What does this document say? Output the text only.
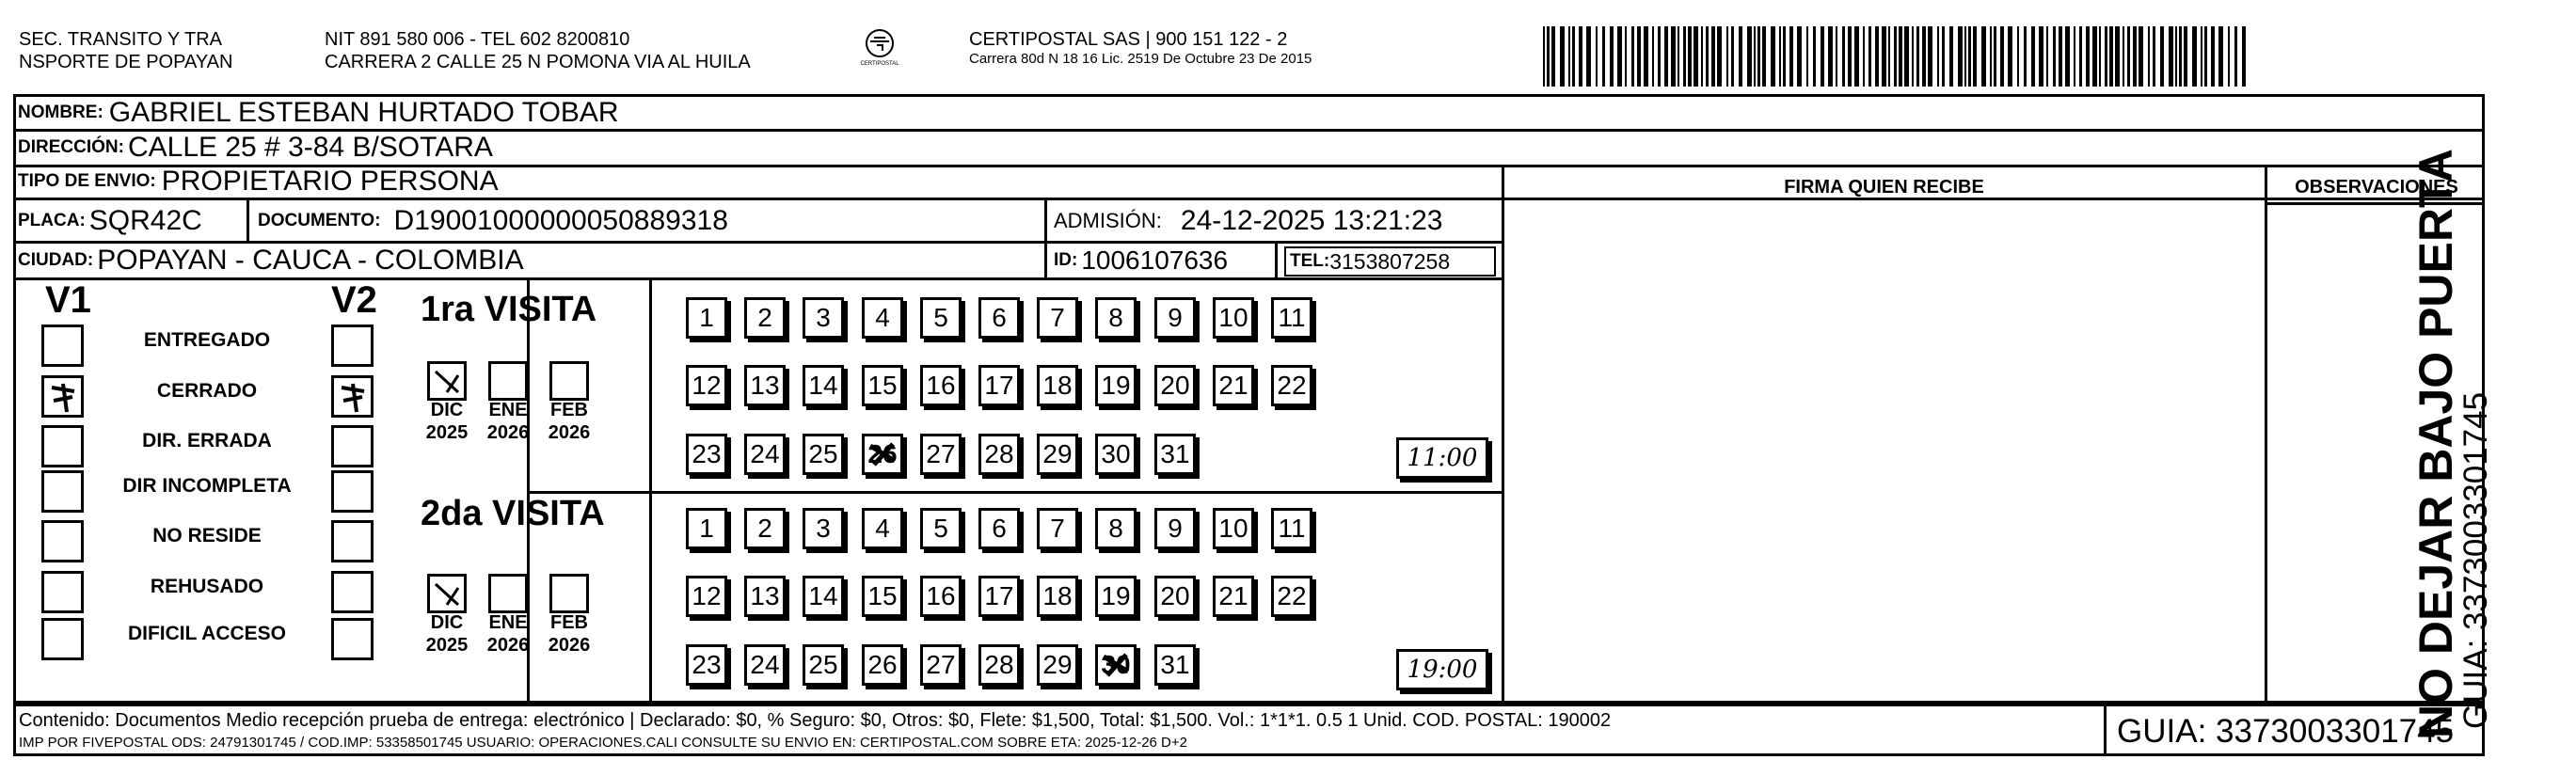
SEC. TRANSITO Y TRA
NSPORTE DE POPAYAN
NIT 891 580 006 - TEL 602 8200810
CARRERA 2 CALLE 25 N POMONA VIA AL HUILA	CERTIPOSTAL
CERTIPOSTAL SAS | 900 151 122 - 2
Carrera 80d N 18 16 Lic. 2519 De Octubre 23 De 2015
NOMBRE: GABRIEL ESTEBAN HURTADO TOBAR
DIRECCIÓN: CALLE 25 # 3-84 B/SOTARA
TIPO DE ENVIO: PROPIETARIO PERSONA
PLACA: SQR42C	DOCUMENTO: D19001000000050889318	ADMISIÓN: 24-12-2025 13:21:23
CIUDAD: POPAYAN - CAUCA - COLOMBIA	ID: 1006107636	TEL: 3153807258
FIRMA QUIEN RECIBE	OBSERVACIONES
V1	V2
ENTREGADO
CERRADO
DIR. ERRADA
DIR INCOMPLETA
NO RESIDE
REHUSADO
DIFICIL ACCESO
1ra VISITA
2da VISITA
DIC
2025
ENE
2026
FEB
2026
DIC
2025
ENE
2026
FEB
2026
1	2	3	4	5	6	7	8	9	10 11
12 13 14 15 16 17 18 19 20 21 22
23 24 25 26 27 28 29 30 31
1	2	3	4	5	6	7	8	9	10 11
12 13 14 15 16 17 18 19 20 21 22
23 24 25 26 27 28 29 30 31
11:00
19:00
Contenido: Documentos Medio recepción prueba de entrega: electrónico | Declarado: $0, % Seguro: $0, Otros: $0, Flete: $1,500, Total: $1,500. Vol.: 1*1*1. 0.5 1 Unid. COD. POSTAL: 190002
IMP POR FIVEPOSTAL ODS: 24791301745 / COD.IMP: 53358501745 USUARIO: OPERACIONES.CALI CONSULTE SU ENVIO EN: CERTIPOSTAL.COM SOBRE ETA: 2025-12-26 D+2	GUIA: 3373003301745
NO DEJAR BAJO PUERTA
GUIA: 3373003301745
